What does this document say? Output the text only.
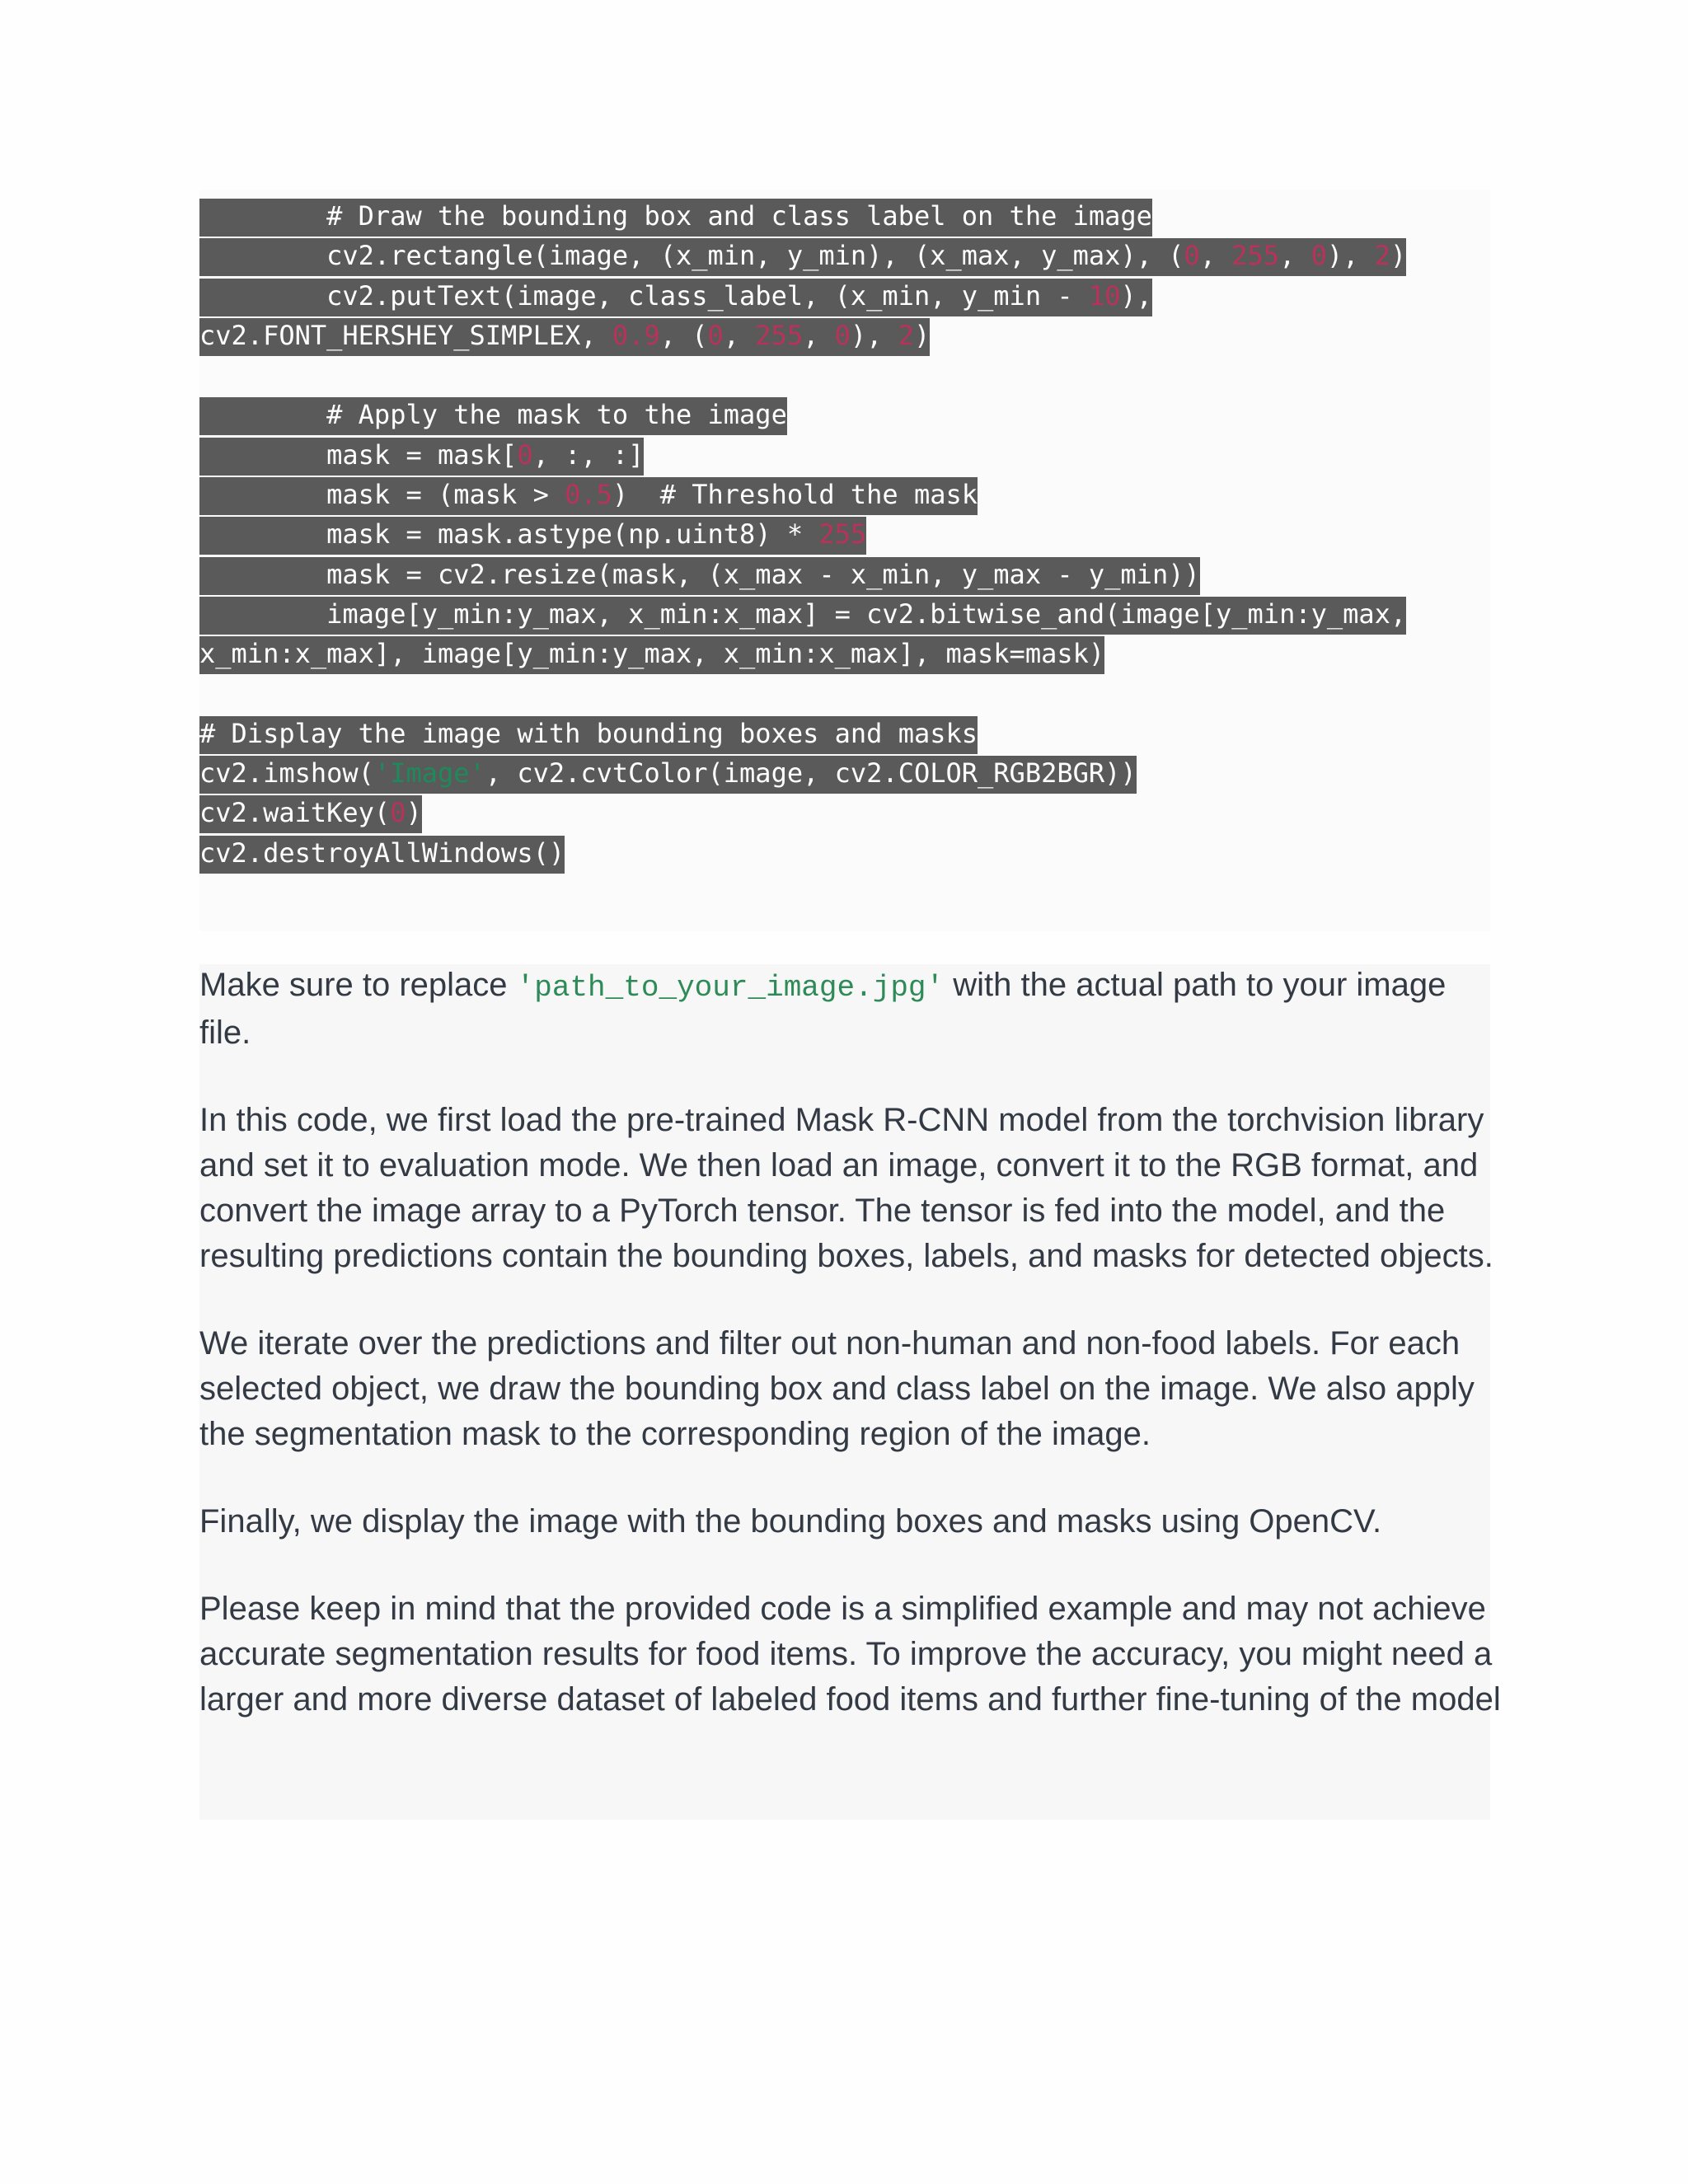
# Draw the bounding box and class label on the image
cv2.rectangle(image, (x_min, y_min), (x_max, y_max), (0, 255, 0), 2)
cv2.putText(image, class_label, (x_min, y_min - 10),
cv2.FONT_HERSHEY_SIMPLEX, 0.9, (0, 255, 0), 2)

# Apply the mask to the image
mask = mask[0, :, :]
mask = (mask > 0.5)  # Threshold the mask
mask = mask.astype(np.uint8) * 255
mask = cv2.resize(mask, (x_max - x_min, y_max - y_min))
image[y_min:y_max, x_min:x_max] = cv2.bitwise_and(image[y_min:y_max,
x_min:x_max], image[y_min:y_max, x_min:x_max], mask=mask)

# Display the image with bounding boxes and masks
cv2.imshow('Image', cv2.cvtColor(image, cv2.COLOR_RGB2BGR))
cv2.waitKey(0)
cv2.destroyAllWindows()

Make sure to replace 'path_to_your_image.jpg' with the actual path to your image file.

In this code, we first load the pre-trained Mask R-CNN model from the torchvision library and set it to evaluation mode. We then load an image, convert it to the RGB format, and convert the image array to a PyTorch tensor. The tensor is fed into the model, and the resulting predictions contain the bounding boxes, labels, and masks for detected objects.

We iterate over the predictions and filter out non-human and non-food labels. For each selected object, we draw the bounding box and class label on the image. We also apply the segmentation mask to the corresponding region of the image.

Finally, we display the image with the bounding boxes and masks using OpenCV.

Please keep in mind that the provided code is a simplified example and may not achieve accurate segmentation results for food items. To improve the accuracy, you might need a larger and more diverse dataset of labeled food items and further fine-tuning of the model
